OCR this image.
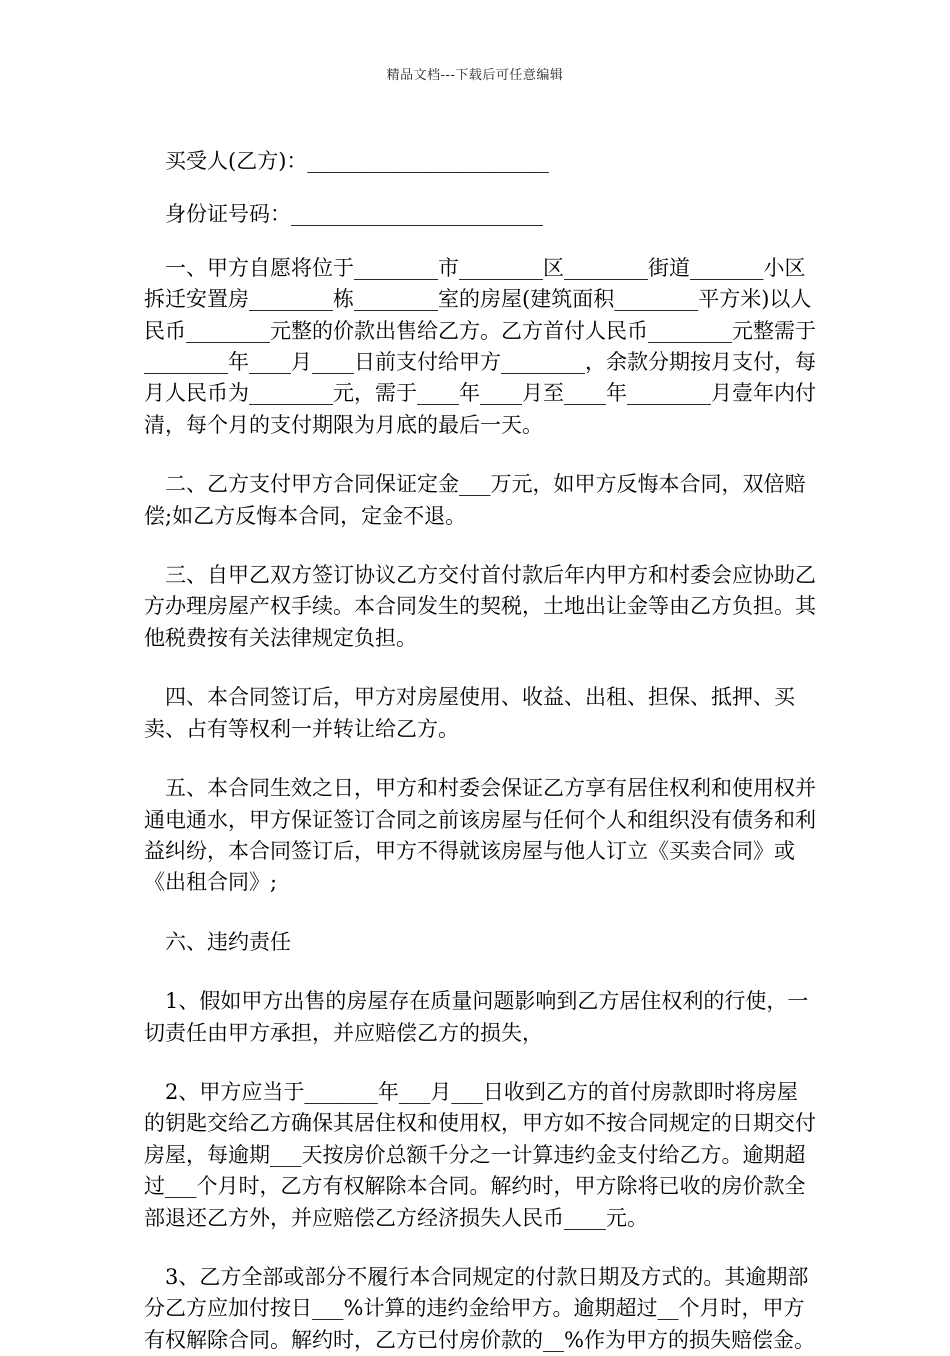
精品文档---下载后可任意编辑

买受人(乙方)：_______________________

身份证号码：________________________

一、甲方自愿将位于________市________区________街道_______小区拆迁安置房________栋________室的房屋(建筑面积________平方米)以人民币________元整的价款出售给乙方。乙方首付人民币________元整需于________年____月____日前支付给甲方________，余款分期按月支付，每月人民币为________元，需于____年____月至____年________月壹年内付清，每个月的支付期限为月底的最后一天。

二、乙方支付甲方合同保证定金___万元，如甲方反悔本合同，双倍赔偿;如乙方反悔本合同，定金不退。

三、自甲乙双方签订协议乙方交付首付款后年内甲方和村委会应协助乙方办理房屋产权手续。本合同发生的契税，土地出让金等由乙方负担。其他税费按有关法律规定负担。

四、本合同签订后，甲方对房屋使用、收益、出租、担保、抵押、买卖、占有等权利一并转让给乙方。

五、本合同生效之日，甲方和村委会保证乙方享有居住权利和使用权并通电通水，甲方保证签订合同之前该房屋与任何个人和组织没有债务和利益纠纷，本合同签订后，甲方不得就该房屋与他人订立《买卖合同》或《出租合同》;

六、违约责任

1、假如甲方出售的房屋存在质量问题影响到乙方居住权利的行使，一切责任由甲方承担，并应赔偿乙方的损失，

2、甲方应当于_______年___月___日收到乙方的首付房款即时将房屋的钥匙交给乙方确保其居住权和使用权，甲方如不按合同规定的日期交付房屋，每逾期___天按房价总额千分之一计算违约金支付给乙方。逾期超过___个月时，乙方有权解除本合同。解约时，甲方除将已收的房价款全部退还乙方外，并应赔偿乙方经济损失人民币____元。

3、乙方全部或部分不履行本合同规定的付款日期及方式的。其逾期部分乙方应加付按日___%计算的违约金给甲方。逾期超过__个月时，甲方有权解除合同。解约时，乙方已付房价款的__%作为甲方的损失赔偿金。
